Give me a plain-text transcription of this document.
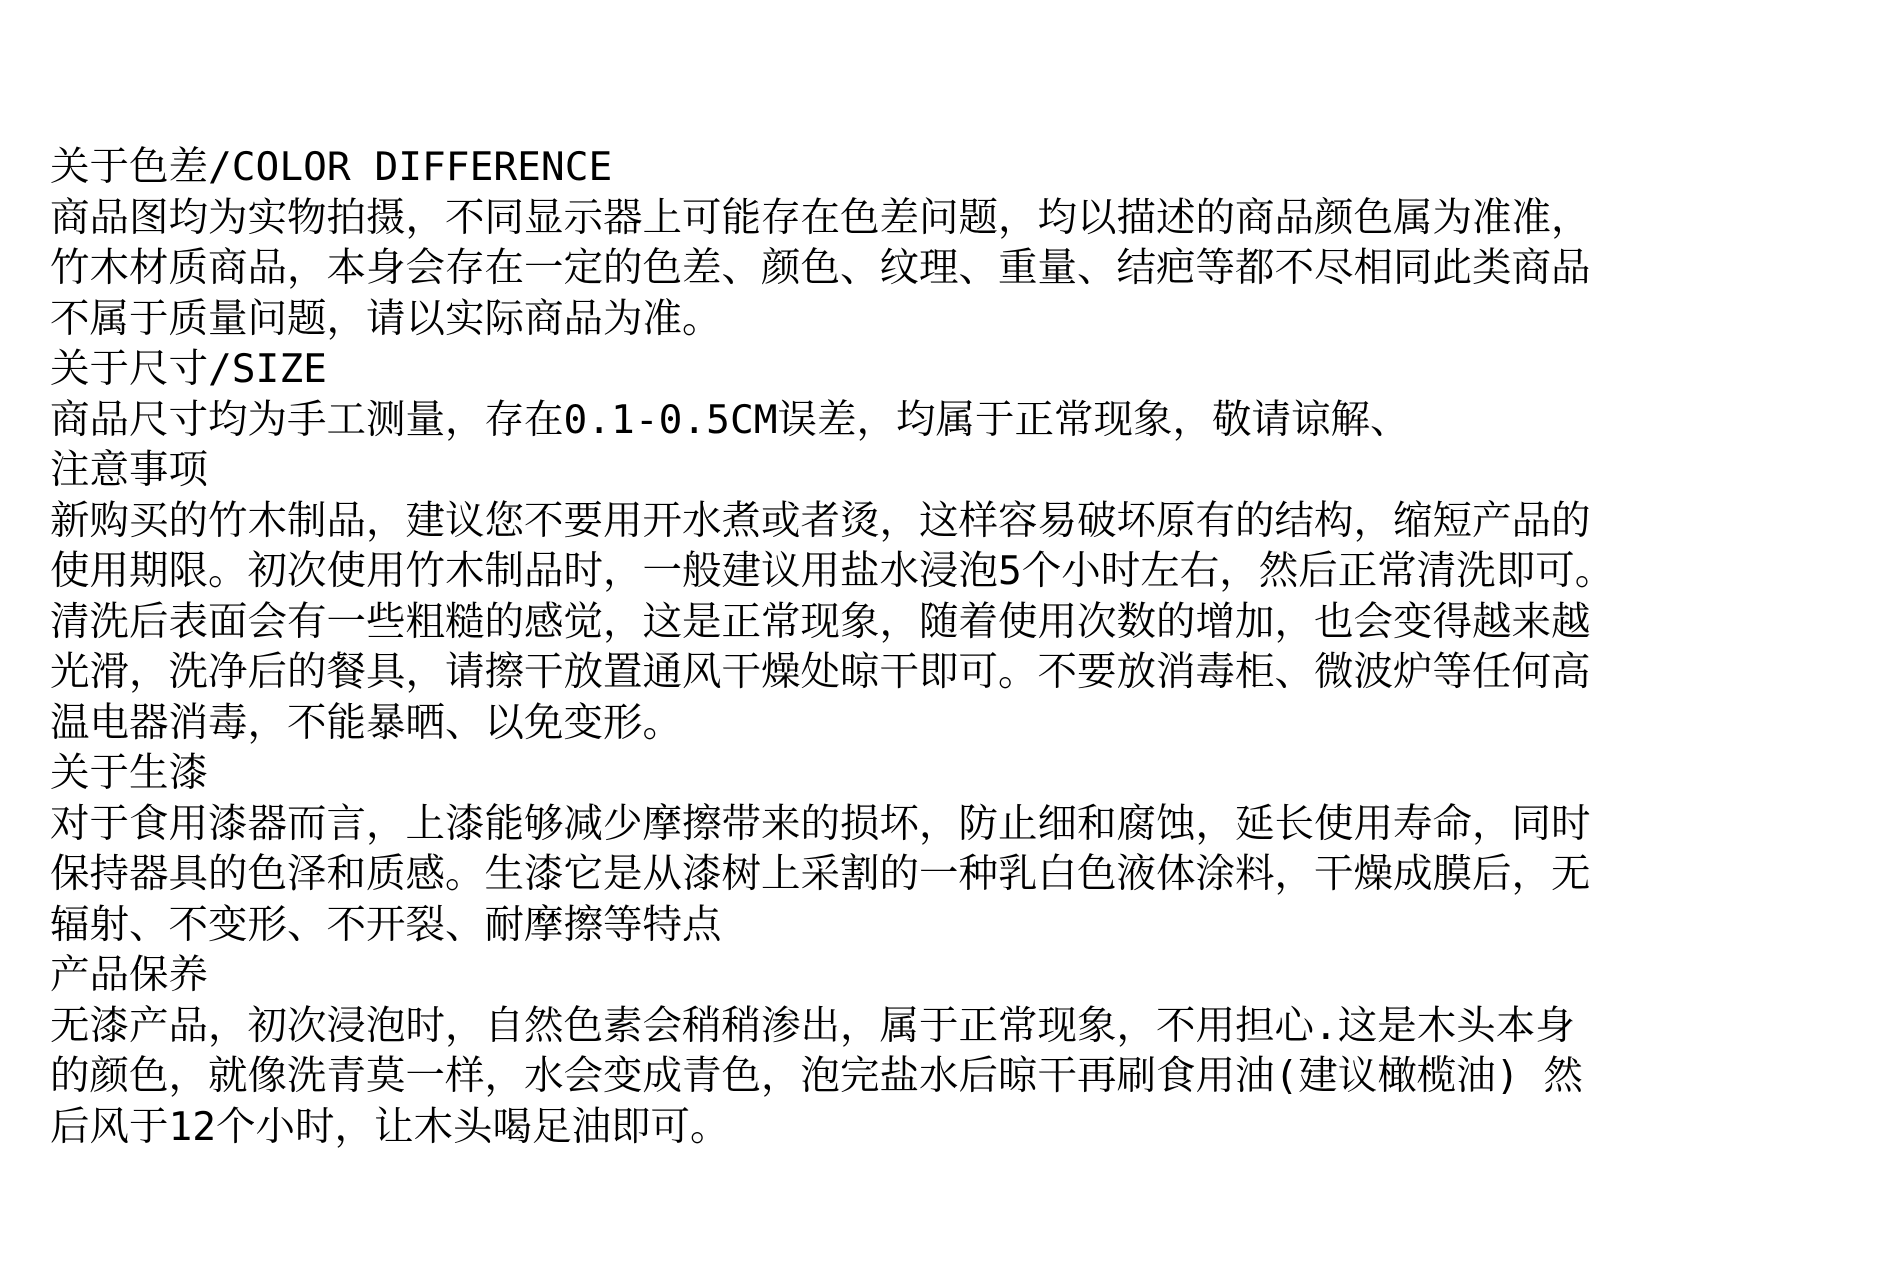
关于色差/COLOR DIFFERENCE
商品图均为实物拍摄，不同显示器上可能存在色差问题，均以描述的商品颜色属为准准，
竹木材质商品，本身会存在一定的色差、颜色、纹理、重量、结疤等都不尽相同此类商品
不属于质量问题，请以实际商品为准。
关于尺寸/SIZE
商品尺寸均为手工测量，存在0.1-0.5CM误差，均属于正常现象，敬请谅解、
注意事项
新购买的竹木制品，建议您不要用开水煮或者烫，这样容易破坏原有的结构，缩短产品的
使用期限。初次使用竹木制品时，一般建议用盐水浸泡5个小时左右，然后正常清洗即可。
清洗后表面会有一些粗糙的感觉，这是正常现象，随着使用次数的增加，也会变得越来越
光滑，洗净后的餐具，请擦干放置通风干燥处晾干即可。不要放消毒柜、微波炉等任何高
温电器消毒，不能暴晒、以免变形。
关于生漆
对于食用漆器而言，上漆能够减少摩擦带来的损坏，防止细和腐蚀，延长使用寿命，同时
保持器具的色泽和质感。生漆它是从漆树上采割的一种乳白色液体涂料，干燥成膜后，无
辐射、不变形、不开裂、耐摩擦等特点
产品保养
无漆产品，初次浸泡时，自然色素会稍稍渗出，属于正常现象，不用担心.这是木头本身
的颜色，就像洗青莫一样，水会变成青色，泡完盐水后晾干再刷食用油(建议橄榄油) 然
后风于12个小时，让木头喝足油即可。
